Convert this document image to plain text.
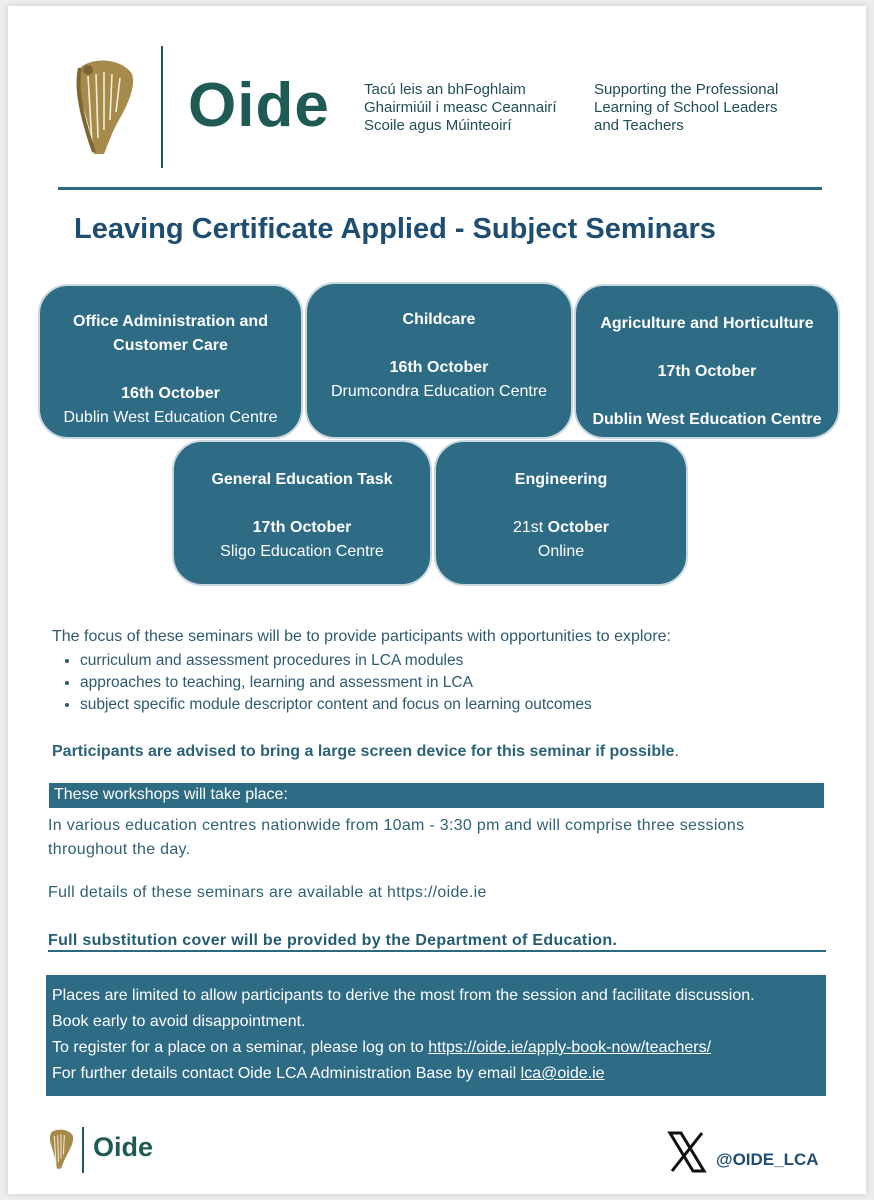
Oide Tacú leis an bhFoghlaim
Ghairmiúil i measc Ceannairí
Scoile agus Múinteoirí
Supporting the Professional
Learning of School Leaders
and Teachers
Leaving Certificate Applied - Subject Seminars
Office Administration and
Customer Care
16th October
Dublin West Education Centre
Childcare
16th October
Drumcondra Education Centre
Agriculture and Horticulture
17th October
Dublin West Education Centre
General Education Task
17th October
Sligo Education Centre
Engineering
21st October
Online
The focus of these seminars will be to provide participants with opportunities to explore:
• curriculum and assessment procedures in LCA modules
• approaches to teaching, learning and assessment in LCA
• subject specific module descriptor content and focus on learning outcomes
Participants are advised to bring a large screen device for this seminar if possible.
These workshops will take place:
In various education centres nationwide from 10am - 3:30 pm and will comprise three sessions throughout the day.
Full details of these seminars are available at https://oide.ie
Full substitution cover will be provided by the Department of Education.
Places are limited to allow participants to derive the most from the session and facilitate discussion.
Book early to avoid disappointment.
To register for a place on a seminar, please log on to https://oide.ie/apply-book-now/teachers/
For further details contact Oide LCA Administration Base by email lca@oide.ie
Oide	@OIDE_LCA
